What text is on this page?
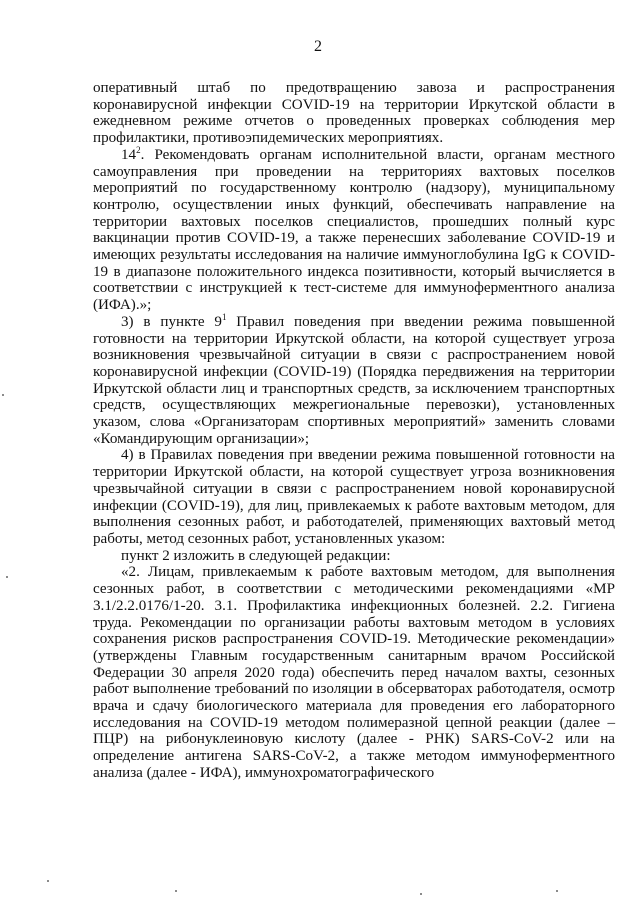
2

оперативный штаб по предотвращению завоза и распространения коронавирусной инфекции COVID-19 на территории Иркутской области в ежедневном режиме отчетов о проведенных проверках соблюдения мер профилактики, противоэпидемических мероприятиях.

$14^2$. Рекомендовать органам исполнительной власти, органам местного самоуправления при проведении на территориях вахтовых поселков мероприятий по государственному контролю (надзору), муниципальному контролю, осуществлении иных функций, обеспечивать направление на территории вахтовых поселков специалистов, прошедших полный курс вакцинации против COVID-19, а также перенесших заболевание COVID-19 и имеющих результаты исследования на наличие иммуноглобулина IgG к COVID-19 в диапазоне положительного индекса позитивности, который вычисляется в соответствии с инструкцией к тест-системе для иммуноферментного анализа (ИФА).»;

3) в пункте $9^1$ Правил поведения при введении режима повышенной готовности на территории Иркутской области, на которой существует угроза возникновения чрезвычайной ситуации в связи с распространением новой коронавирусной инфекции (COVID-19) (Порядка передвижения на территории Иркутской области лиц и транспортных средств, за исключением транспортных средств, осуществляющих межрегиональные перевозки), установленных указом, слова «Организаторам спортивных мероприятий» заменить словами «Командирующим организации»;

4) в Правилах поведения при введении режима повышенной готовности на территории Иркутской области, на которой существует угроза возникновения чрезвычайной ситуации в связи с распространением новой коронавирусной инфекции (COVID-19), для лиц, привлекаемых к работе вахтовым методом, для выполнения сезонных работ, и работодателей, применяющих вахтовый метод работы, метод сезонных работ, установленных указом:

пункт 2 изложить в следующей редакции:

«2. Лицам, привлекаемым к работе вахтовым методом, для выполнения сезонных работ, в соответствии с методическими рекомендациями «МР 3.1/2.2.0176/1-20. 3.1. Профилактика инфекционных болезней. 2.2. Гигиена труда. Рекомендации по организации работы вахтовым методом в условиях сохранения рисков распространения COVID-19. Методические рекомендации» (утверждены Главным государственным санитарным врачом Российской Федерации 30 апреля 2020 года) обеспечить перед началом вахты, сезонных работ выполнение требований по изоляции в обсерваторах работодателя, осмотр врача и сдачу биологического материала для проведения его лабораторного исследования на COVID-19 методом полимеразной цепной реакции (далее – ПЦР) на рибонуклеиновую кислоту (далее - РНК) SARS-CoV-2 или на определение антигена SARS-CoV-2, а также методом иммуноферментного анализа (далее - ИФА), иммунохроматографического
